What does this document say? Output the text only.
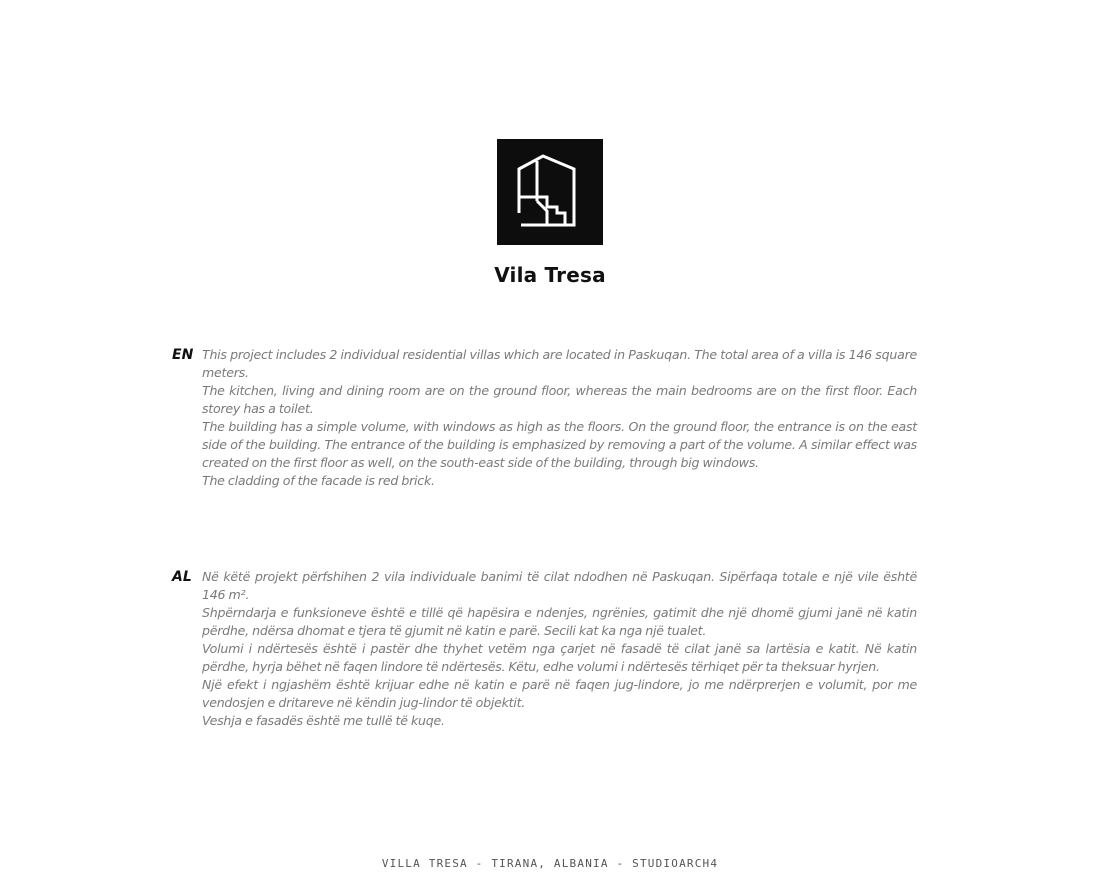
Vila Tresa
EN This project includes 2 individual residential villas which are located in Paskuqan. The total area of a villa is 146 square meters.

The kitchen, living and dining room are on the ground floor, whereas the main bedrooms are on the first floor. Each storey has a toilet.

The building has a simple volume, with windows as high as the floors. On the ground floor, the entrance is on the east side of the building. The entrance of the building is emphasized by removing a part of the volume. A similar effect was created on the first floor as well, on the south-east side of the building, through big windows.

The cladding of the facade is red brick.

AL Në këtë projekt përfshihen 2 vila individuale banimi të cilat ndodhen në Paskuqan. Sipërfaqa totale e një vile është 146 m².

Shpërndarja e funksioneve është e tillë që hapësira e ndenjes, ngrënies, gatimit dhe një dhomë gjumi janë në katin përdhe, ndërsa dhomat e tjera të gjumit në katin e parë. Secili kat ka nga një tualet.

Volumi i ndërtesës është i pastër dhe thyhet vetëm nga çarjet në fasadë të cilat janë sa lartësia e katit. Në katin përdhe, hyrja bëhet në faqen lindore të ndërtesës. Këtu, edhe volumi i ndërtesës tërhiqet për ta theksuar hyrjen.

Një efekt i ngjashëm është krijuar edhe në katin e parë në faqen jug-lindore, jo me ndërprerjen e volumit, por me vendosjen e dritareve në këndin jug-lindor të objektit.

Veshja e fasadës është me tullë të kuqe.

VILLA TRESA - TIRANA, ALBANIA - STUDIOARCH4
